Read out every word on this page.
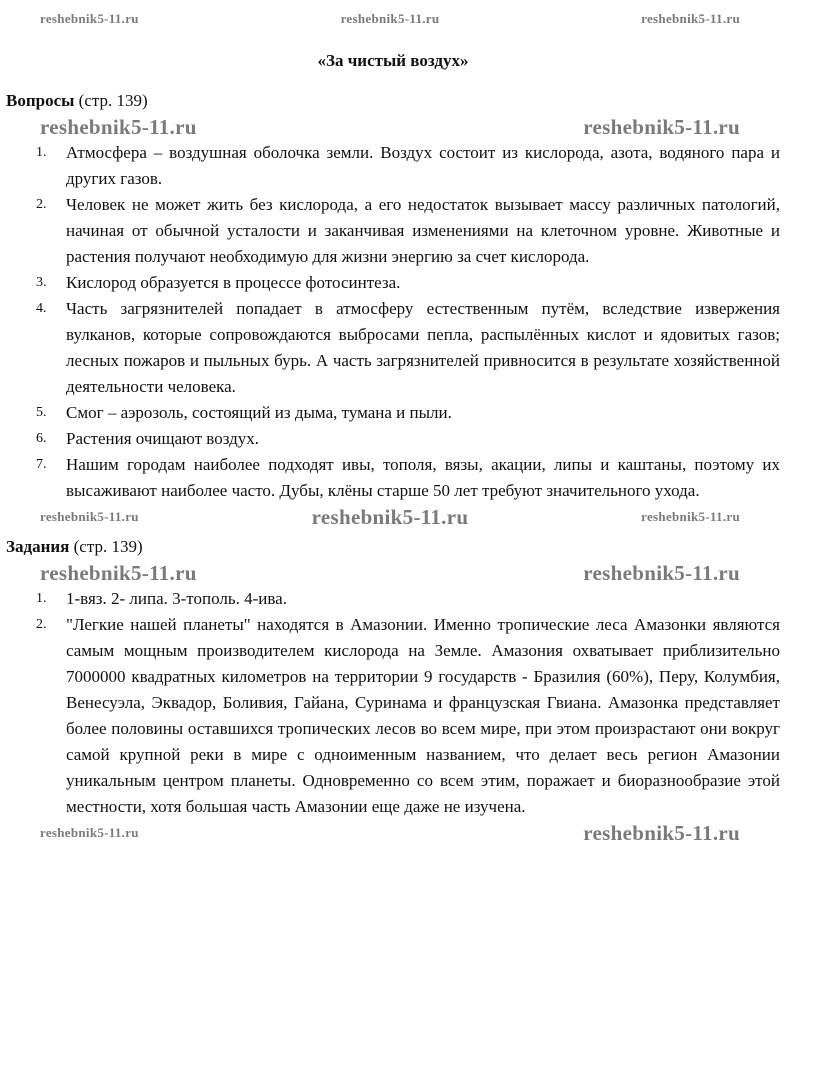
reshebnik5-11.ru	reshebnik5-11.ru	reshebnik5-11.ru
«За чистый воздух»
Вопросы (стр. 139)
reshebnik5-11.ru	reshebnik5-11.ru
1. Атмосфера – воздушная оболочка земли. Воздух состоит из кислорода, азота, водяного пара и других газов.
2. Человек не может жить без кислорода, а его недостаток вызывает массу различных патологий, начиная от обычной усталости и заканчивая изменениями на клеточном уровне. Животные и растения получают необходимую для жизни энергию за счет кислорода.
3. Кислород образуется в процессе фотосинтеза.
4. Часть загрязнителей попадает в атмосферу естественным путём, вследствие извержения вулканов, которые сопровождаются выбросами пепла, распылённых кислот и ядовитых газов; лесных пожаров и пыльных бурь. А часть загрязнителей привносится в результате хозяйственной деятельности человека.
5. Смог – аэрозоль, состоящий из дыма, тумана и пыли.
6. Растения очищают воздух.
7. Нашим городам наиболее подходят ивы, тополя, вязы, акации, липы и каштаны, поэтому их высаживают наиболее часто. Дубы, клёны старше 50 лет требуют значительного ухода.
reshebnik5-11.ru	reshebnik5-11.ru	reshebnik5-11.ru
Задания (стр. 139)
reshebnik5-11.ru	reshebnik5-11.ru
1. 1-вяз. 2- липа. 3-тополь. 4-ива.
2. "Легкие нашей планеты" находятся в Амазонии. Именно тропические леса Амазонки являются самым мощным производителем кислорода на Земле. Амазония охватывает приблизительно 7000000 квадратных километров на территории 9 государств - Бразилия (60%), Перу, Колумбия, Венесуэла, Эквадор, Боливия, Гайана, Суринама и французская Гвиана. Амазонка представляет более половины оставшихся тропических лесов во всем мире, при этом произрастают они вокруг самой крупной реки в мире с одноименным названием, что делает весь регион Амазонии уникальным центром планеты. Одновременно со всем этим, поражает и биоразнообразие этой местности, хотя большая часть Амазонии еще даже не изучена.
reshebnik5-11.ru	reshebnik5-11.ru
